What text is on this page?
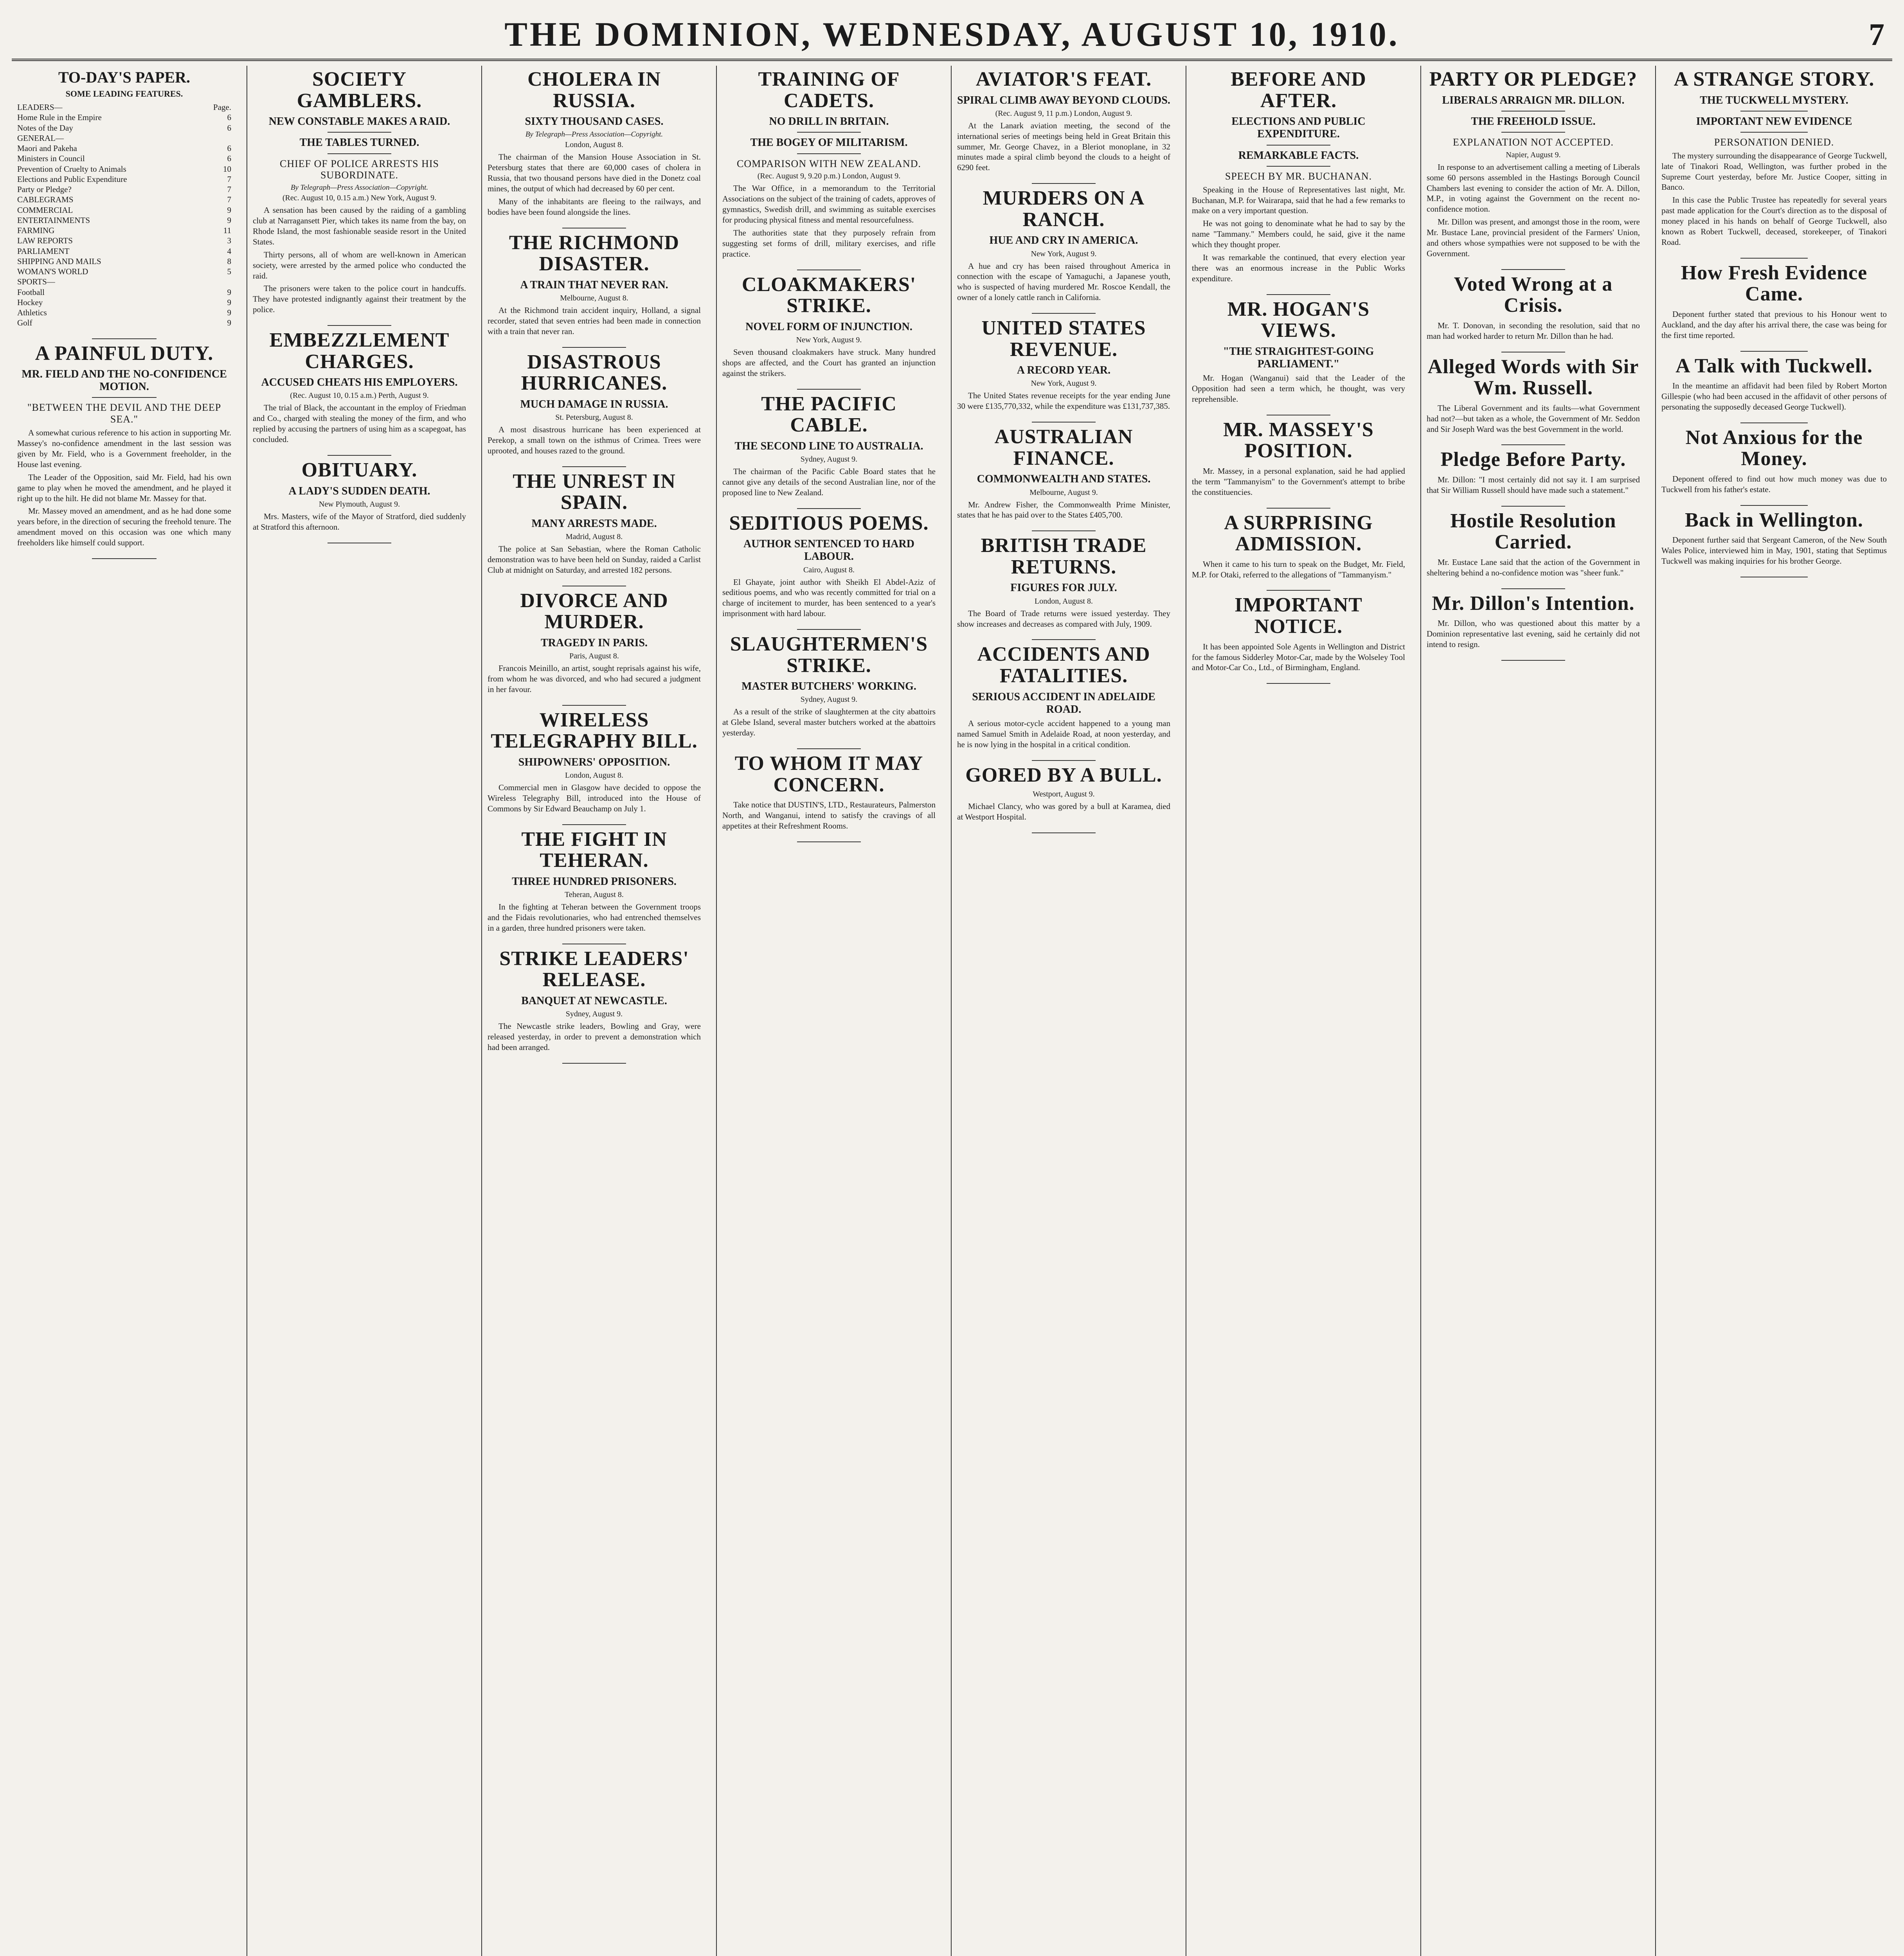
THE DOMINION, WEDNESDAY, AUGUST 10, 1910.	7
TO-DAY'S PAPER.
SOME LEADING FEATURES.
LEADERS—	Page.
Home Rule in the Empire	6
Notes of the Day	6
GENERAL—
Maori and Pakeha	6
Ministers in Council	6
Prevention of Cruelty to Animals	10
Elections and Public Expenditure	7
Party or Pledge?	7
CABLEGRAMS	7
COMMERCIAL	9
ENTERTAINMENTS	9
FARMING	11
LAW REPORTS	3
PARLIAMENT	4
SHIPPING AND MAILS	8
WOMAN'S WORLD	5
SPORTS—
Football	9
Hockey	9
Athletics	9
Golf	9
A PAINFUL DUTY.
MR. FIELD AND THE NO-CONFIDENCE MOTION.
"BETWEEN THE DEVIL AND THE DEEP SEA."

A somewhat curious reference to his action in supporting Mr. Massey's no-confidence amendment in the last session was given by Mr. Field, who is a Government freeholder, in the House last evening.

The Leader of the Opposition, said Mr. Field, had his own game to play when he moved the amendment, and he played it right up to the hilt. He did not blame Mr. Massey for that.

Mr. Massey moved an amendment, and as he had done some years before, in the direction of securing the freehold tenure. The amendment moved on this occasion was one which many freeholders like himself could support.

SOCIETY GAMBLERS.
NEW CONSTABLE MAKES A RAID.
THE TABLES TURNED.
CHIEF OF POLICE ARRESTS HIS SUBORDINATE.
By Telegraph—Press Association—Copyright.
(Rec. August 10, 0.15 a.m.) New York, August 9.

A sensation has been caused by the raiding of a gambling club at Narragansett Pier, which takes its name from the bay, on Rhode Island, the most fashionable seaside resort in the United States.

Thirty persons, all of whom are well-known in American society, were arrested by the armed police who conducted the raid.

The prisoners were taken to the police court in handcuffs. They have protested indignantly against their treatment by the police.

EMBEZZLEMENT CHARGES.
ACCUSED CHEATS HIS EMPLOYERS.
(Rec. August 10, 0.15 a.m.) Perth, August 9.

The trial of Black, the accountant in the employ of Friedman and Co., charged with stealing the money of the firm, and who replied by accusing the partners of using him as a scapegoat, has concluded.

OBITUARY.
A LADY'S SUDDEN DEATH.
New Plymouth, August 9.

Mrs. Masters, wife of the Mayor of Stratford, died suddenly at Stratford this afternoon.

CHOLERA IN RUSSIA.
SIXTY THOUSAND CASES.
By Telegraph—Press Association—Copyright.
London, August 8.

The chairman of the Mansion House Association in St. Petersburg states that there are 60,000 cases of cholera in Russia, that two thousand persons have died in the Donetz coal mines, the output of which had decreased by 60 per cent.

Many of the inhabitants are fleeing to the railways, and bodies have been found alongside the lines.

THE RICHMOND DISASTER.
A TRAIN THAT NEVER RAN.
Melbourne, August 8.

At the Richmond train accident inquiry, Holland, a signal recorder, stated that seven entries had been made in connection with a train that never ran.

DISASTROUS HURRICANES.
MUCH DAMAGE IN RUSSIA.
St. Petersburg, August 8.

A most disastrous hurricane has been experienced at Perekop, a small town on the isthmus of Crimea. Trees were uprooted, and houses razed to the ground.

THE UNREST IN SPAIN.
MANY ARRESTS MADE.
Madrid, August 8.

The police at San Sebastian, where the Roman Catholic demonstration was to have been held on Sunday, raided a Carlist Club at midnight on Saturday, and arrested 182 persons.

DIVORCE AND MURDER.
TRAGEDY IN PARIS.
Paris, August 8.

Francois Meinillo, an artist, sought reprisals against his wife, from whom he was divorced, and who had secured a judgment in her favour.

WIRELESS TELEGRAPHY BILL.
SHIPOWNERS' OPPOSITION.
London, August 8.

Commercial men in Glasgow have decided to oppose the Wireless Telegraphy Bill, introduced into the House of Commons by Sir Edward Beauchamp on July 1.

THE FIGHT IN TEHERAN.
THREE HUNDRED PRISONERS.
Teheran, August 8.

In the fighting at Teheran between the Government troops and the Fidais revolutionaries, who had entrenched themselves in a garden, three hundred prisoners were taken.

STRIKE LEADERS' RELEASE.
BANQUET AT NEWCASTLE.
Sydney, August 9.

The Newcastle strike leaders, Bowling and Gray, were released yesterday, in order to prevent a demonstration which had been arranged.

TRAINING OF CADETS.
NO DRILL IN BRITAIN.
THE BOGEY OF MILITARISM.
COMPARISON WITH NEW ZEALAND.
(Rec. August 9, 9.20 p.m.) London, August 9.

The War Office, in a memorandum to the Territorial Associations on the subject of the training of cadets, approves of gymnastics, Swedish drill, and swimming as suitable exercises for producing physical fitness and mental resourcefulness.

The authorities state that they purposely refrain from suggesting set forms of drill, military exercises, and rifle practice.

CLOAKMAKERS' STRIKE.
NOVEL FORM OF INJUNCTION.
New York, August 9.

Seven thousand cloakmakers have struck. Many hundred shops are affected, and the Court has granted an injunction against the strikers.

THE PACIFIC CABLE.
THE SECOND LINE TO AUSTRALIA.
Sydney, August 9.

The chairman of the Pacific Cable Board states that he cannot give any details of the second Australian line, nor of the proposed line to New Zealand.

SEDITIOUS POEMS.
AUTHOR SENTENCED TO HARD LABOUR.
Cairo, August 8.

El Ghayate, joint author with Sheikh El Abdel-Aziz of seditious poems, and who was recently committed for trial on a charge of incitement to murder, has been sentenced to a year's imprisonment with hard labour.

SLAUGHTERMEN'S STRIKE.
MASTER BUTCHERS' WORKING.
Sydney, August 9.

As a result of the strike of slaughtermen at the city abattoirs at Glebe Island, several master butchers worked at the abattoirs yesterday.

TO WHOM IT MAY CONCERN.

Take notice that DUSTIN'S, LTD., Restaurateurs, Palmerston North, and Wanganui, intend to satisfy the cravings of all appetites at their Refreshment Rooms.

AVIATOR'S FEAT.
SPIRAL CLIMB AWAY BEYOND CLOUDS.
(Rec. August 9, 11 p.m.) London, August 9.

At the Lanark aviation meeting, the second of the international series of meetings being held in Great Britain this summer, Mr. George Chavez, in a Bleriot monoplane, in 32 minutes made a spiral climb beyond the clouds to a height of 6290 feet.

MURDERS ON A RANCH.
HUE AND CRY IN AMERICA.
New York, August 9.

A hue and cry has been raised throughout America in connection with the escape of Yamaguchi, a Japanese youth, who is suspected of having murdered Mr. Roscoe Kendall, the owner of a lonely cattle ranch in California.

UNITED STATES REVENUE.
A RECORD YEAR.
New York, August 9.

The United States revenue receipts for the year ending June 30 were £135,770,332, while the expenditure was £131,737,385.

AUSTRALIAN FINANCE.
COMMONWEALTH AND STATES.
Melbourne, August 9.

Mr. Andrew Fisher, the Commonwealth Prime Minister, states that he has paid over to the States £405,700.

BRITISH TRADE RETURNS.
FIGURES FOR JULY.
London, August 8.

The Board of Trade returns were issued yesterday. They show increases and decreases as compared with July, 1909.

ACCIDENTS AND FATALITIES.
SERIOUS ACCIDENT IN ADELAIDE ROAD.

A serious motor-cycle accident happened to a young man named Samuel Smith in Adelaide Road, at noon yesterday, and he is now lying in the hospital in a critical condition.

GORED BY A BULL.
Westport, August 9.

Michael Clancy, who was gored by a bull at Karamea, died at Westport Hospital.

BEFORE AND AFTER.
ELECTIONS AND PUBLIC EXPENDITURE.
REMARKABLE FACTS.
SPEECH BY MR. BUCHANAN.

Speaking in the House of Representatives last night, Mr. Buchanan, M.P. for Wairarapa, said that he had a few remarks to make on a very important question.

He was not going to denominate what he had to say by the name "Tammany." Members could, he said, give it the name which they thought proper.

It was remarkable the continued, that every election year there was an enormous increase in the Public Works expenditure.

MR. HOGAN'S VIEWS.
"THE STRAIGHTEST-GOING PARLIAMENT."

Mr. Hogan (Wanganui) said that the Leader of the Opposition had seen a term which, he thought, was very reprehensible.

MR. MASSEY'S POSITION.

Mr. Massey, in a personal explanation, said he had applied the term "Tammanyism" to the Government's attempt to bribe the constituencies.

A SURPRISING ADMISSION.

When it came to his turn to speak on the Budget, Mr. Field, M.P. for Otaki, referred to the allegations of "Tammanyism."

IMPORTANT NOTICE.

It has been appointed Sole Agents in Wellington and District for the famous Sidderley Motor-Car, made by the Wolseley Tool and Motor-Car Co., Ltd., of Birmingham, England.

PARTY OR PLEDGE?
LIBERALS ARRAIGN MR. DILLON.
THE FREEHOLD ISSUE.
EXPLANATION NOT ACCEPTED.
Napier, August 9.

In response to an advertisement calling a meeting of Liberals some 60 persons assembled in the Hastings Borough Council Chambers last evening to consider the action of Mr. A. Dillon, M.P., in voting against the Government on the recent no-confidence motion.

Mr. Dillon was present, and amongst those in the room, were Mr. Bustace Lane, provincial president of the Farmers' Union, and others whose sympathies were not supposed to be with the Government.

Voted Wrong at a Crisis.

Mr. T. Donovan, in seconding the resolution, said that no man had worked harder to return Mr. Dillon than he had.

Alleged Words with Sir Wm. Russell.

The Liberal Government and its faults—what Government had not?—but taken as a whole, the Government of Mr. Seddon and Sir Joseph Ward was the best Government in the world.

Pledge Before Party.

Mr. Dillon: "I most certainly did not say it. I am surprised that Sir William Russell should have made such a statement."

Hostile Resolution Carried.

Mr. Eustace Lane said that the action of the Government in sheltering behind a no-confidence motion was "sheer funk."

Mr. Dillon's Intention.

Mr. Dillon, who was questioned about this matter by a Dominion representative last evening, said he certainly did not intend to resign.

A STRANGE STORY.
THE TUCKWELL MYSTERY.
IMPORTANT NEW EVIDENCE
PERSONATION DENIED.

The mystery surrounding the disappearance of George Tuckwell, late of Tinakori Road, Wellington, was further probed in the Supreme Court yesterday, before Mr. Justice Cooper, sitting in Banco.

In this case the Public Trustee has repeatedly for several years past made application for the Court's direction as to the disposal of money placed in his hands on behalf of George Tuckwell, also known as Robert Tuckwell, deceased, storekeeper, of Tinakori Road.

How Fresh Evidence Came.

Deponent further stated that previous to his Honour went to Auckland, and the day after his arrival there, the case was being for the first time reported.

A Talk with Tuckwell.

In the meantime an affidavit had been filed by Robert Morton Gillespie (who had been accused in the affidavit of other persons of personating the supposedly deceased George Tuckwell).

Not Anxious for the Money.

Deponent offered to find out how much money was due to Tuckwell from his father's estate.

Back in Wellington.

Deponent further said that Sergeant Cameron, of the New South Wales Police, interviewed him in May, 1901, stating that Septimus Tuckwell was making inquiries for his brother George.
